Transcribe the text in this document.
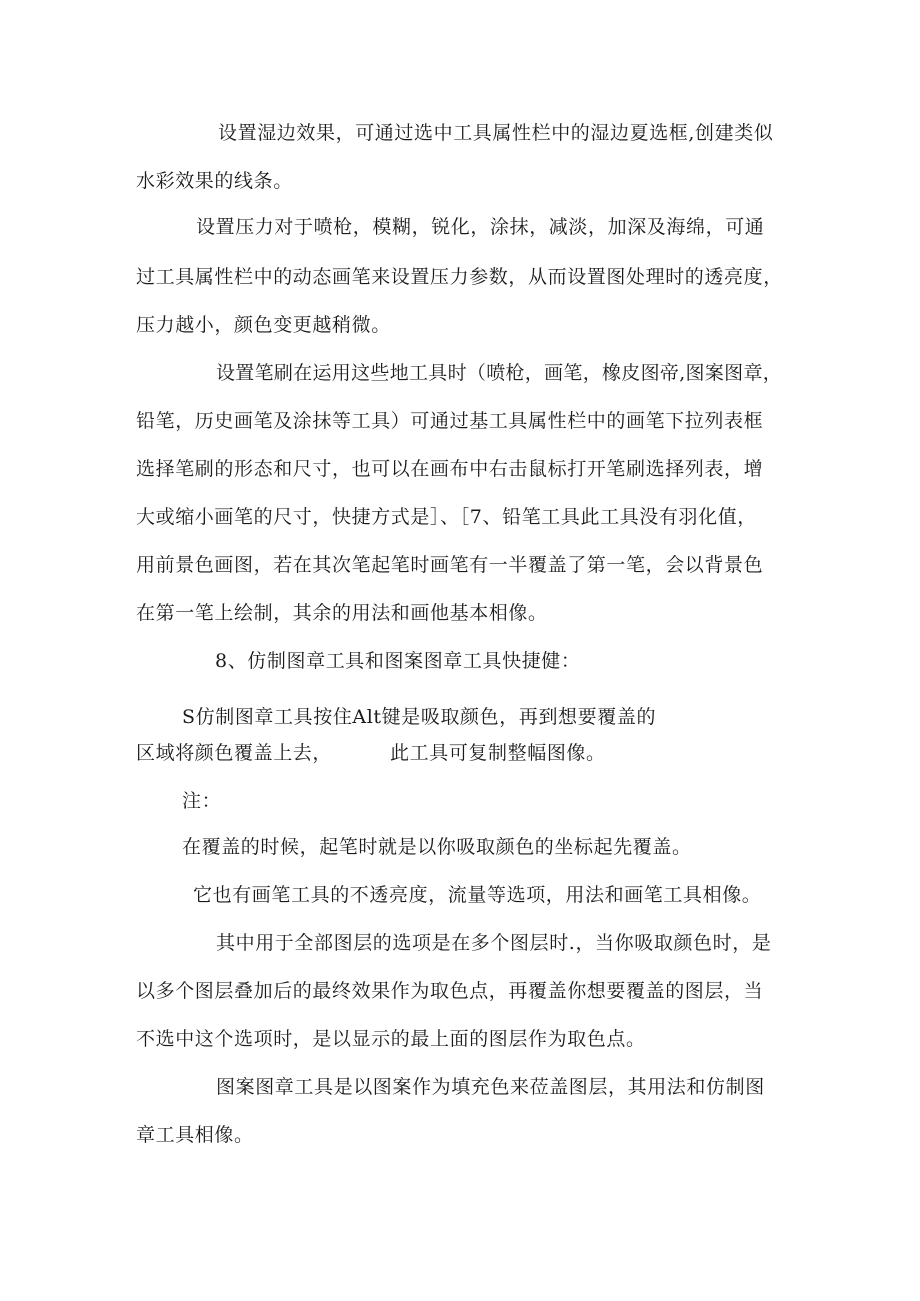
设置湿边效果，可通过选中工具属性栏中的湿边夏选框,创建类似
水彩效果的线条。
设置压力对于喷枪，模糊，锐化，涂抹，减淡，加深及海绵，可通
过工具属性栏中的动态画笔来设置压力参数，从而设置图处理时的透亮度，
压力越小，颜色变更越稍微。
设置笔刷在运用这些地工具时（喷枪，画笔，橡皮图帝,图案图章，
铅笔，历史画笔及涂抹等工具）可通过基工具属性栏中的画笔下拉列表框
选择笔刷的形态和尺寸，也可以在画布中右击鼠标打开笔刷选择列表，增
大或缩小画笔的尺寸，快捷方式是］、［7、铅笔工具此工具没有羽化值，
用前景色画图，若在其次笔起笔时画笔有一半覆盖了第一笔，会以背景色
在第一笔上绘制，其余的用法和画他基本相像。
8、仿制图章工具和图案图章工具快捷健：
S仿制图章工具按住Alt键是吸取颜色，再到想要覆盖的
区域将颜色覆盖上去，	此工具可复制整幅图像。
注：
在覆盖的时候，起笔时就是以你吸取颜色的坐标起先覆盖。
它也有画笔工具的不透亮度，流量等选项，用法和画笔工具相像。
其中用于全部图层的选项是在多个图层时.，当你吸取颜色时，是
以多个图层叠加后的最终效果作为取色点，再覆盖你想要覆盖的图层，当
不选中这个选项时，是以显示的最上面的图层作为取色点。
图案图章工具是以图案作为填充色来莅盖图层，其用法和仿制图
章工具相像。
